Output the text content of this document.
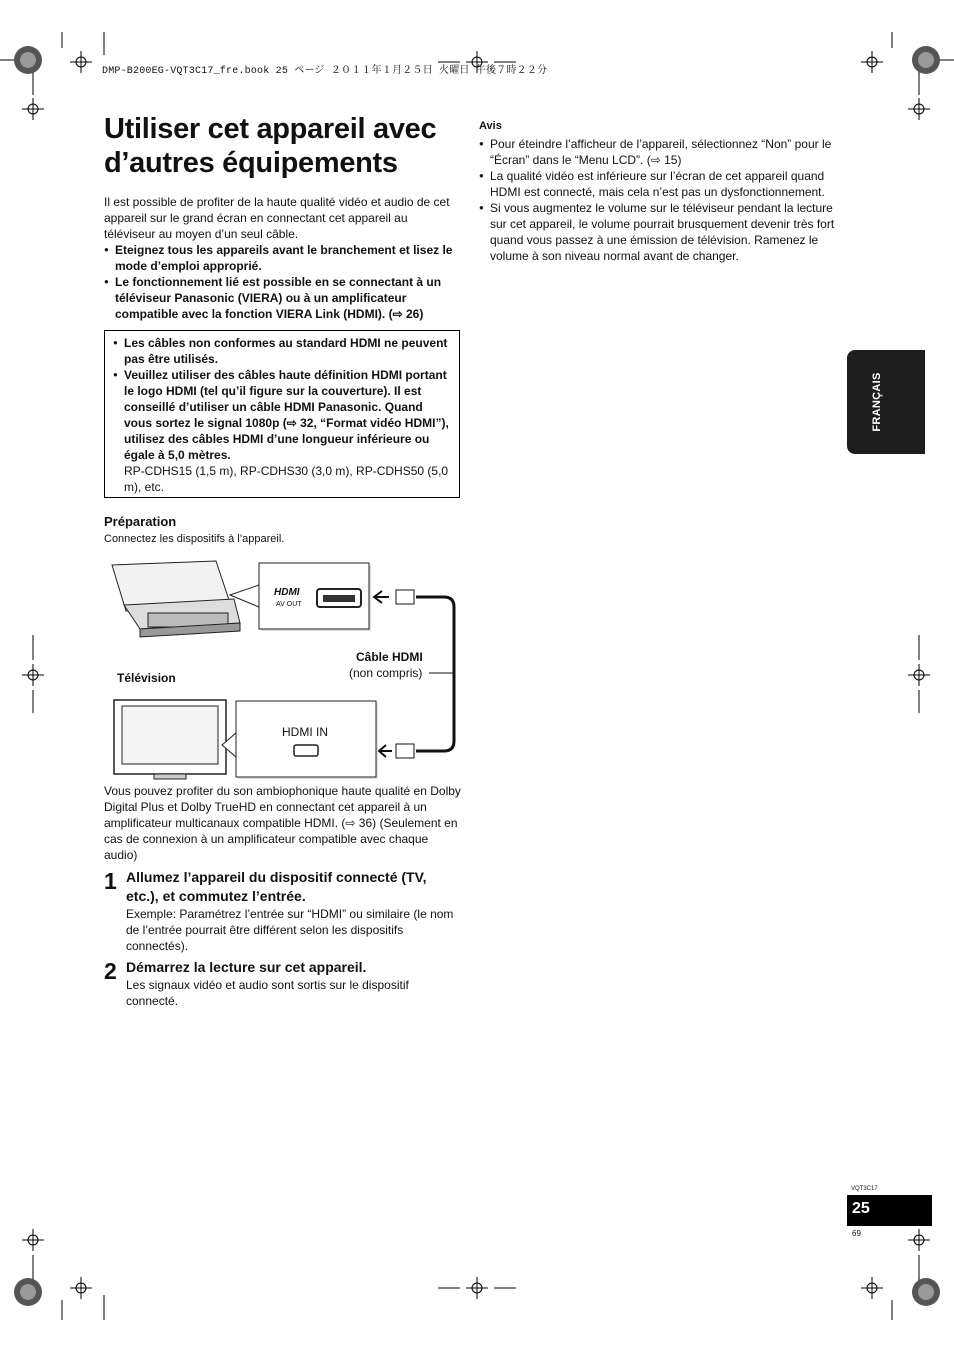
DMP-B200EG-VQT3C17_fre.book 25 ページ ２０１１年１月２５日 火曜日 午後７時２２分
Utiliser cet appareil avec
d’autres équipements
Il est possible de profiter de la haute qualité vidéo et audio de cet appareil sur le grand écran en connectant cet appareil au téléviseur au moyen d’un seul câble.
● Eteignez tous les appareils avant le branchement et lisez le mode d’emploi approprié.
● Le fonctionnement lié est possible en se connectant à un téléviseur Panasonic (VIERA) ou à un amplificateur compatible avec la fonction VIERA Link (HDMI). (⇨ 26)
● Les câbles non conformes au standard HDMI ne peuvent pas être utilisés.
● Veuillez utiliser des câbles haute définition HDMI portant le logo HDMI (tel qu’il figure sur la couverture). Il est conseillé d’utiliser un câble HDMI Panasonic. Quand vous sortez le signal 1080p (⇨ 32, “Format vidéo HDMI”), utilisez des câbles HDMI d’une longueur inférieure ou égale à 5,0 mètres.
RP-CDHS15 (1,5 m), RP-CDHS30 (3,0 m), RP-CDHS50 (5,0 m), etc.
Préparation
Connectez les dispositifs à l’appareil.
HDMI
AV OUT
Câble HDMI
(non compris)
Télévision
HDMI IN
Vous pouvez profiter du son ambiophonique haute qualité en Dolby Digital Plus et Dolby TrueHD en connectant cet appareil à un amplificateur multicanaux compatible HDMI. (⇨ 36) (Seulement en cas de connexion à un amplificateur compatible avec chaque audio)
1 Allumez l’appareil du dispositif connecté (TV, etc.), et commutez l’entrée.
Exemple: Paramétrez l’entrée sur “HDMI” ou similaire (le nom de l’entrée pourrait être différent selon les dispositifs connectés).
2 Démarrez la lecture sur cet appareil.
Les signaux vidéo et audio sont sortis sur le dispositif connecté.
Avis
● Pour éteindre l’afficheur de l’appareil, sélectionnez “Non” pour le “Écran” dans le “Menu LCD”. (⇨ 15)
● La qualité vidéo est inférieure sur l’écran de cet appareil quand HDMI est connecté, mais cela n’est pas un dysfonctionnement.
● Si vous augmentez le volume sur le téléviseur pendant la lecture sur cet appareil, le volume pourrait brusquement devenir très fort quand vous passez à une émission de télévision. Ramenez le volume à son niveau normal avant de changer.
FRANÇAIS
VQT3C17
25
69
